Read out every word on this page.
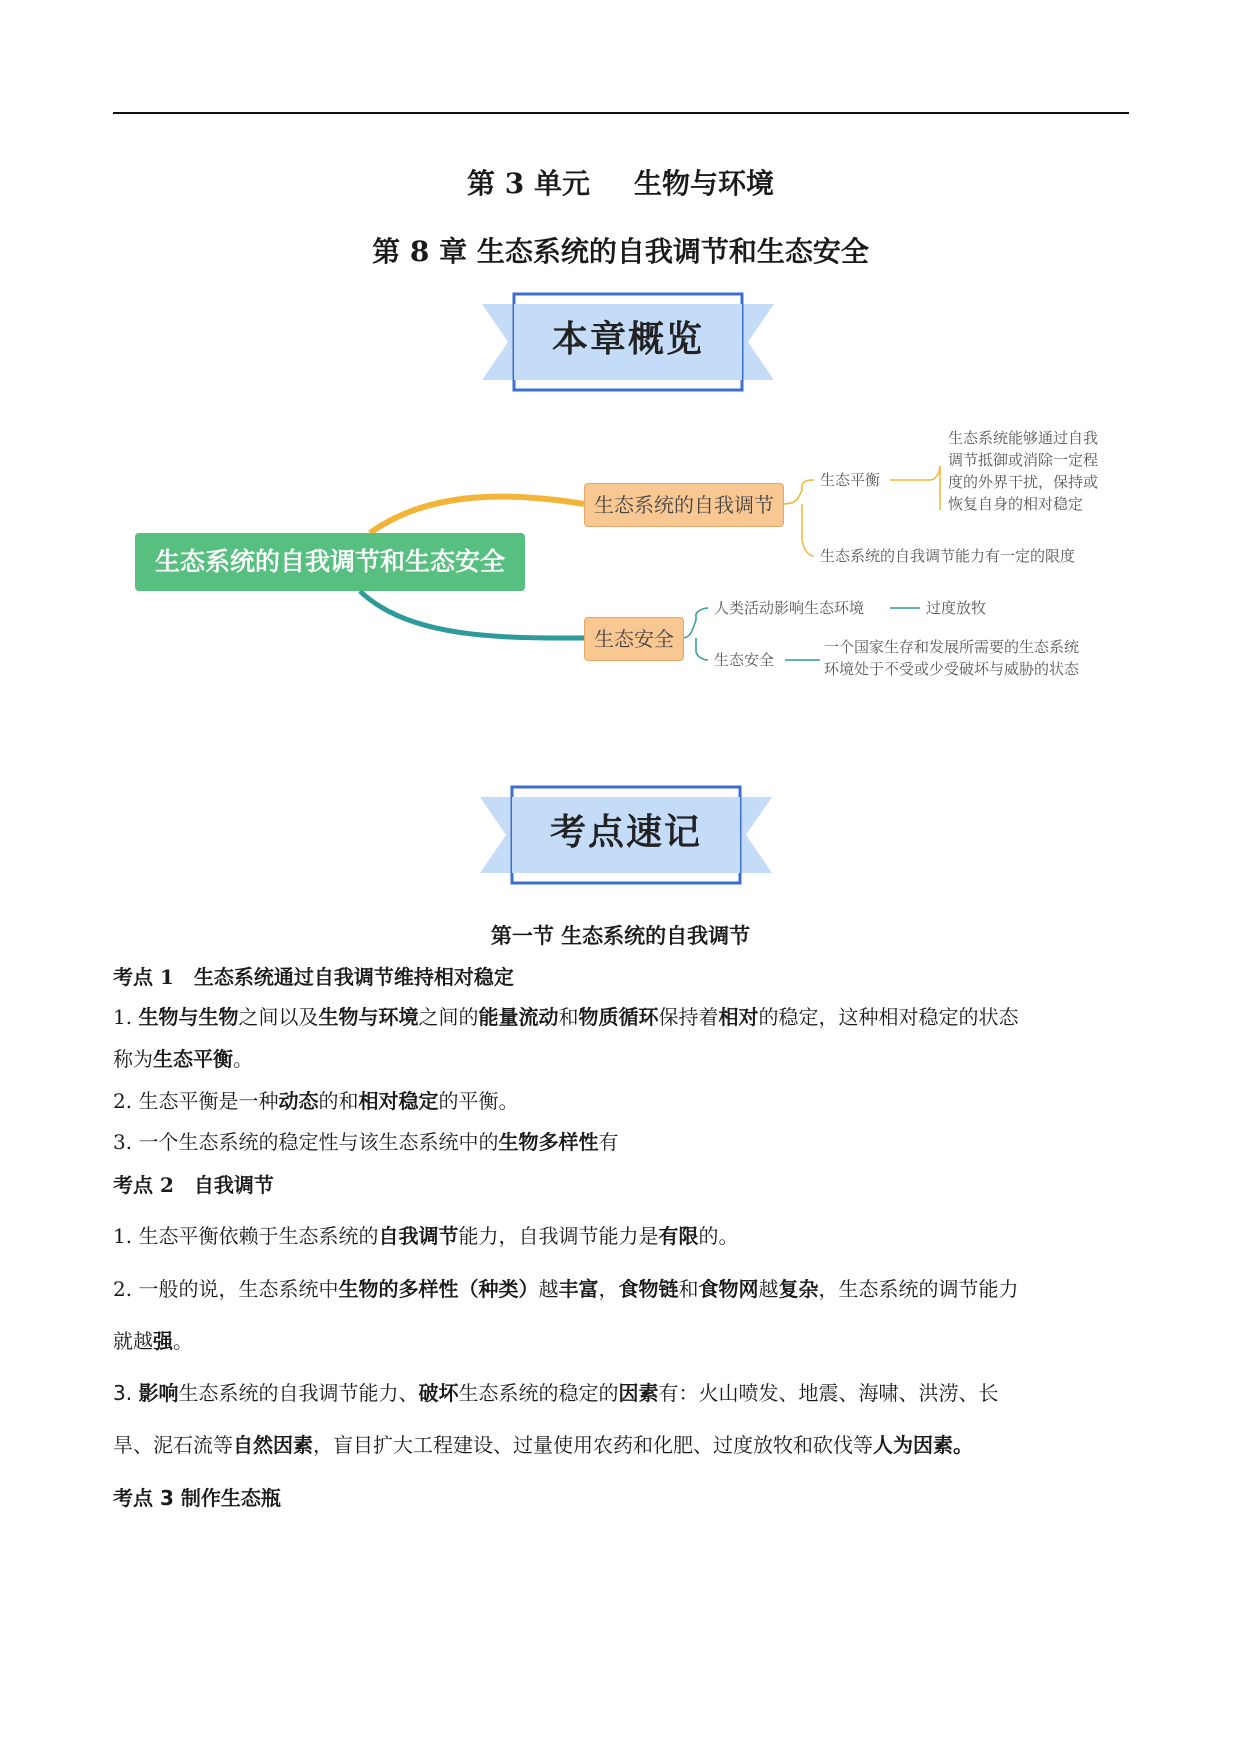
第 3 单元 生物与环境
第 8 章 生态系统的自我调节和生态安全
本章概览
生态系统的自我调节和生态安全
生态系统的自我调节
生态安全
生态平衡
生态系统能够通过自我
调节抵御或消除一定程
度的外界干扰，保持或
恢复自身的相对稳定
生态系统的自我调节能力有一定的限度
人类活动影响生态环境	过度放牧
生态安全
一个国家生存和发展所需要的生态系统
环境处于不受或少受破坏与威胁的状态
考点速记
第一节 生态系统的自我调节
考点 1　生态系统通过自我调节维持相对稳定
1. 生物与生物之间以及生物与环境之间的能量流动和物质循环保持着相对的稳定，这种相对稳定的状态
称为生态平衡。
2. 生态平衡是一种动态的和相对稳定的平衡。
3. 一个生态系统的稳定性与该生态系统中的生物多样性有
考点 2　自我调节
1. 生态平衡依赖于生态系统的自我调节能力，自我调节能力是有限的。
2. 一般的说，生态系统中生物的多样性（种类）越丰富，食物链和食物网越复杂，生态系统的调节能力
就越强。
3. 影响生态系统的自我调节能力、破坏生态系统的稳定的因素有：火山喷发、地震、海啸、洪涝、长
旱、泥石流等自然因素，盲目扩大工程建设、过量使用农药和化肥、过度放牧和砍伐等人为因素。
考点 3 制作生态瓶
